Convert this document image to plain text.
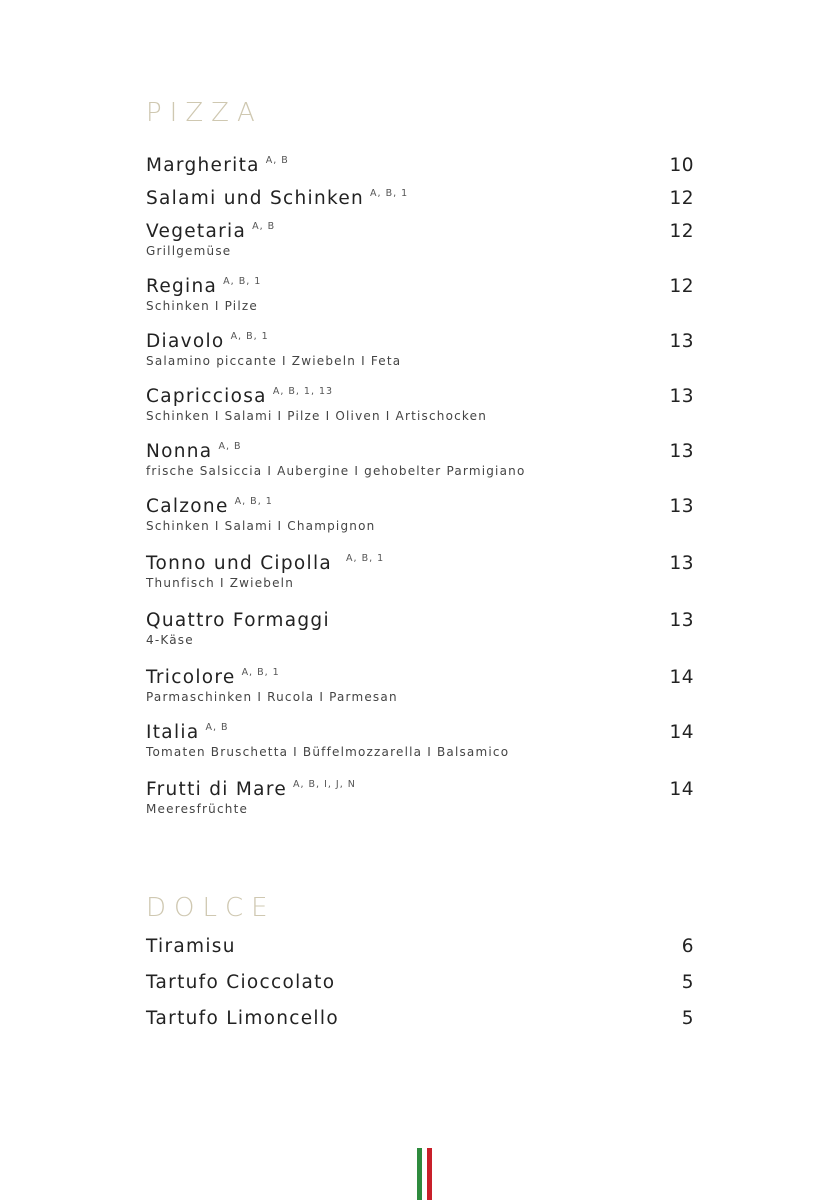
PIZZA
Margherita $^{A, B}$	10
Salami und Schinken $^{A, B, 1}$	12
Vegetaria $^{A, B}$	12
Grillgemüse
Regina $^{A, B, 1}$	12
Schinken I Pilze
Diavolo $^{A, B, 1}$	13
Salamino piccante I Zwiebeln I Feta
Capricciosa $^{A, B, 1, 13}$	13
Schinken I Salami I Pilze I Oliven I Artischocken
Nonna $^{A, B}$	13
frische Salsiccia I Aubergine I gehobelter Parmigiano
Calzone $^{A, B, 1}$	13
Schinken I Salami I Champignon
Tonno und Cipolla $^{A, B, 1}$	13
Thunfisch I Zwiebeln
Quattro Formaggi	13
4-Käse
Tricolore $^{A, B, 1}$	14
Parmaschinken I Rucola I Parmesan
Italia $^{A, B}$	14
Tomaten Bruschetta I Büffelmozzarella I Balsamico
Frutti di Mare $^{A, B, I, J, N}$	14
Meeresfrüchte
DOLCE
Tiramisu	6
Tartufo Cioccolato	5
Tartufo Limoncello	5
